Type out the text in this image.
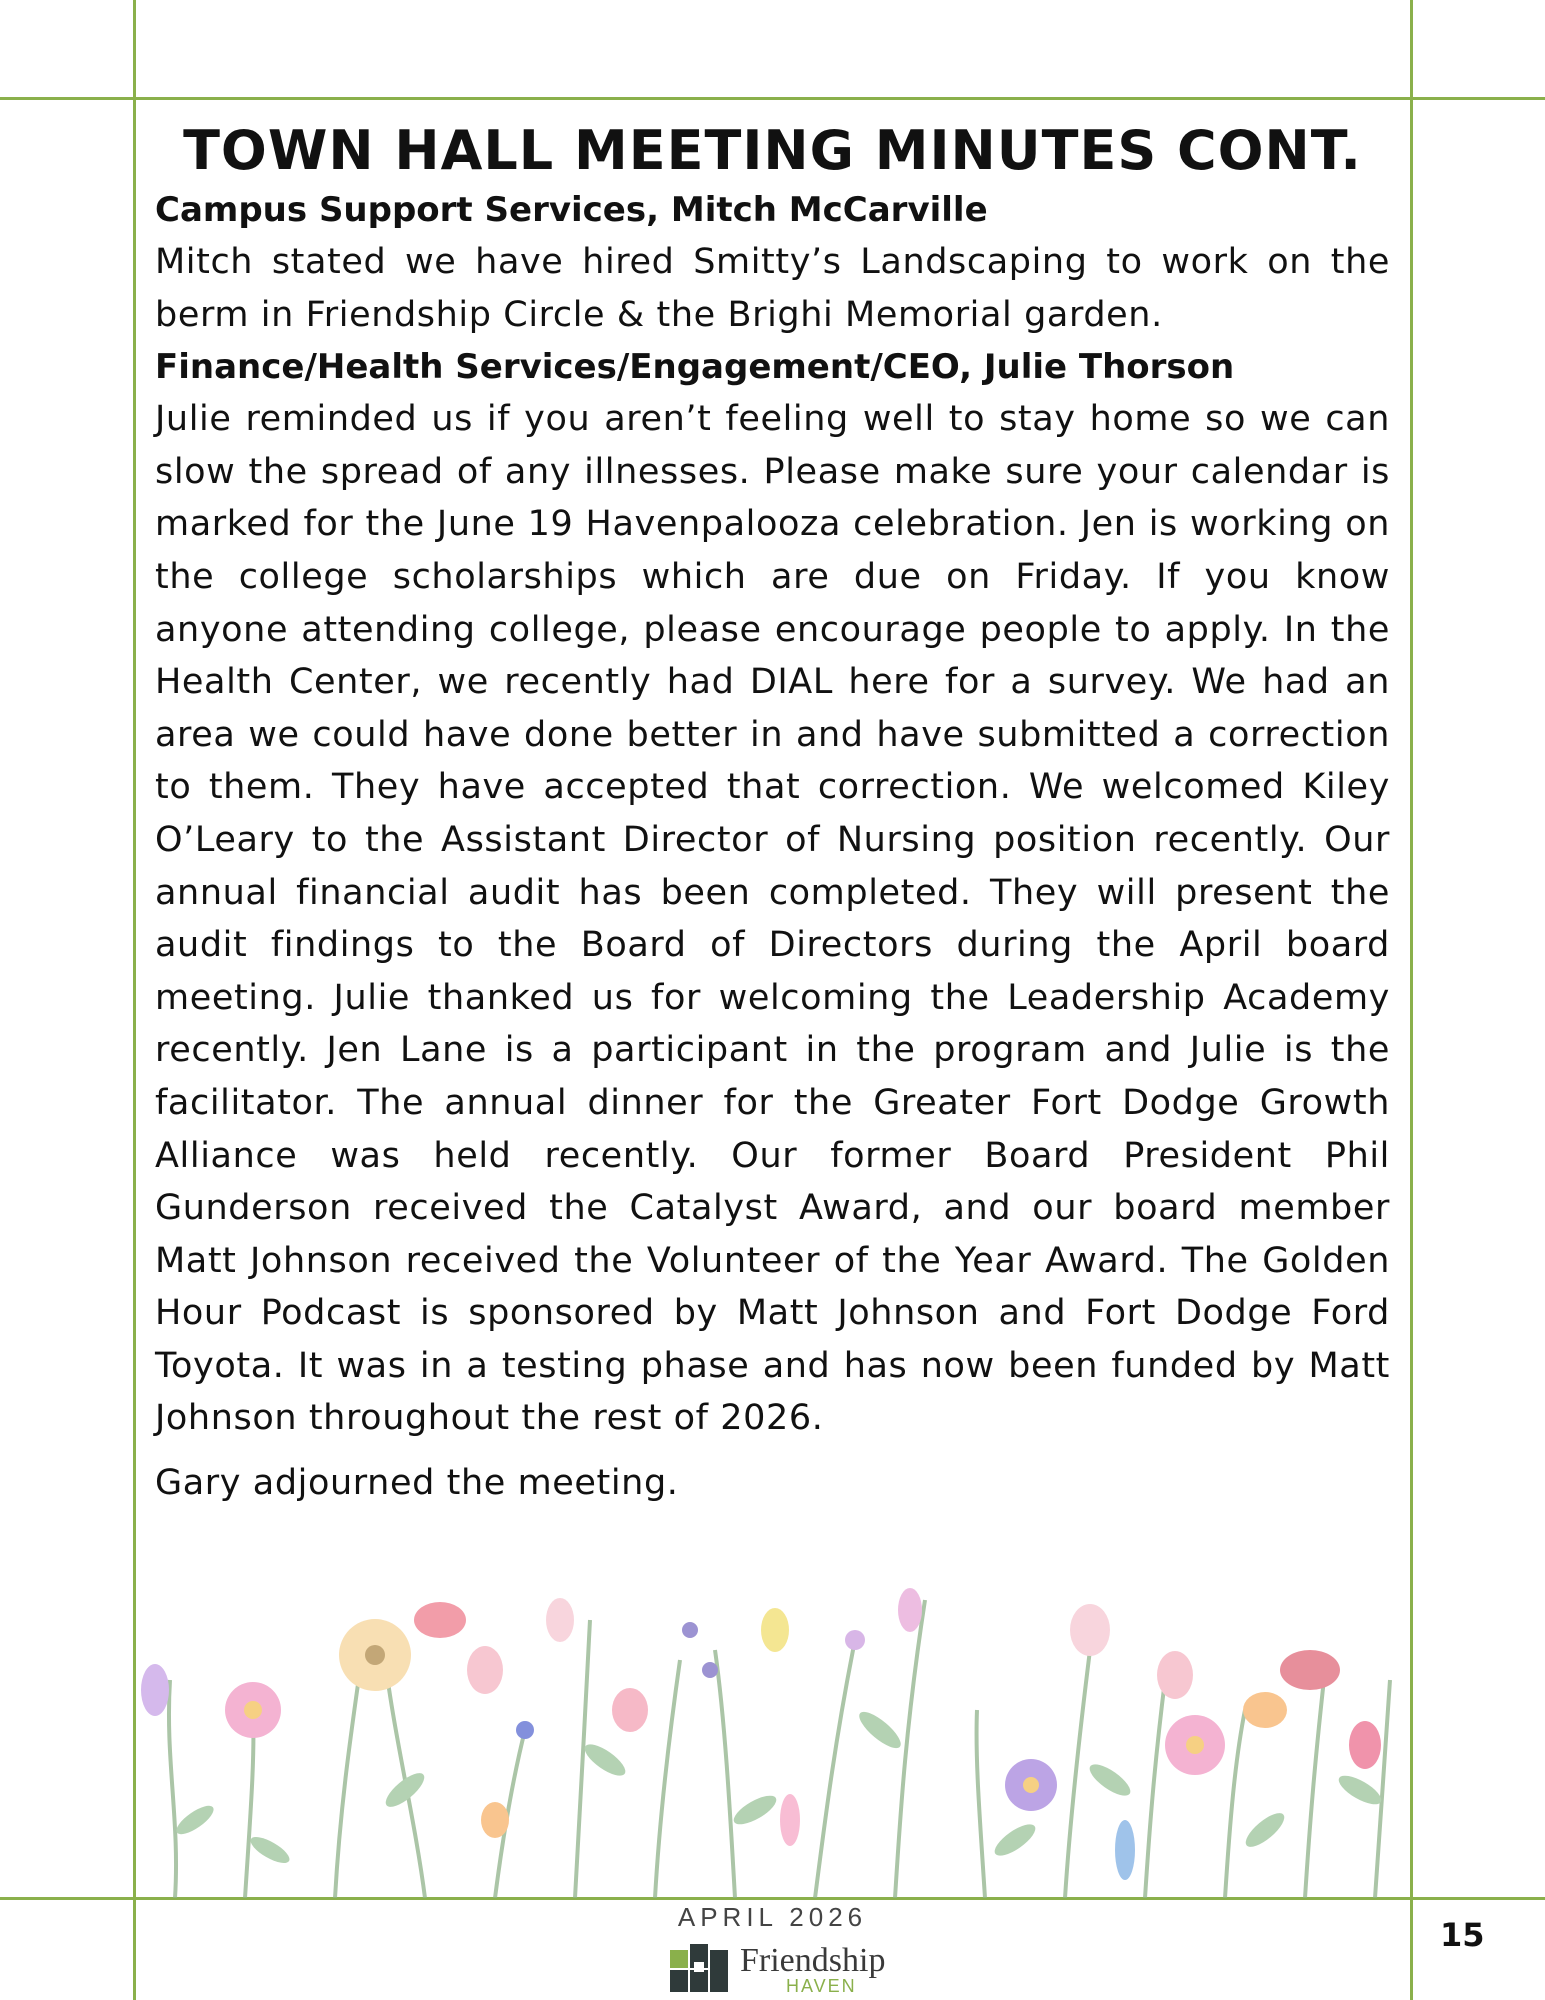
TOWN HALL MEETING MINUTES CONT.
Campus Support Services, Mitch McCarville

Mitch stated we have hired Smitty’s Landscaping to work on the berm in Friendship Circle & the Brighi Memorial garden.

Finance/Health Services/Engagement/CEO, Julie Thorson

Julie reminded us if you aren’t feeling well to stay home so we can slow the spread of any illnesses. Please make sure your calendar is marked for the June 19 Havenpalooza celebration. Jen is working on the college scholarships which are due on Friday. If you know anyone attending college, please encourage people to apply. In the Health Center, we recently had DIAL here for a survey. We had an area we could have done better in and have submitted a correction to them. They have accepted that correction. We welcomed Kiley O’Leary to the Assistant Director of Nursing position recently. Our annual financial audit has been completed. They will present the audit findings to the Board of Directors during the April board meeting. Julie thanked us for welcoming the Leadership Academy recently. Jen Lane is a participant in the program and Julie is the facilitator. The annual dinner for the Greater Fort Dodge Growth Alliance was held recently. Our former Board President Phil Gunderson received the Catalyst Award, and our board member Matt Johnson received the Volunteer of the Year Award. The Golden Hour Podcast is sponsored by Matt Johnson and Fort Dodge Ford Toyota. It was in a testing phase and has now been funded by Matt Johnson throughout the rest of 2026.

Gary adjourned the meeting.

APRIL 2026
Friendship
HAVEN
15
